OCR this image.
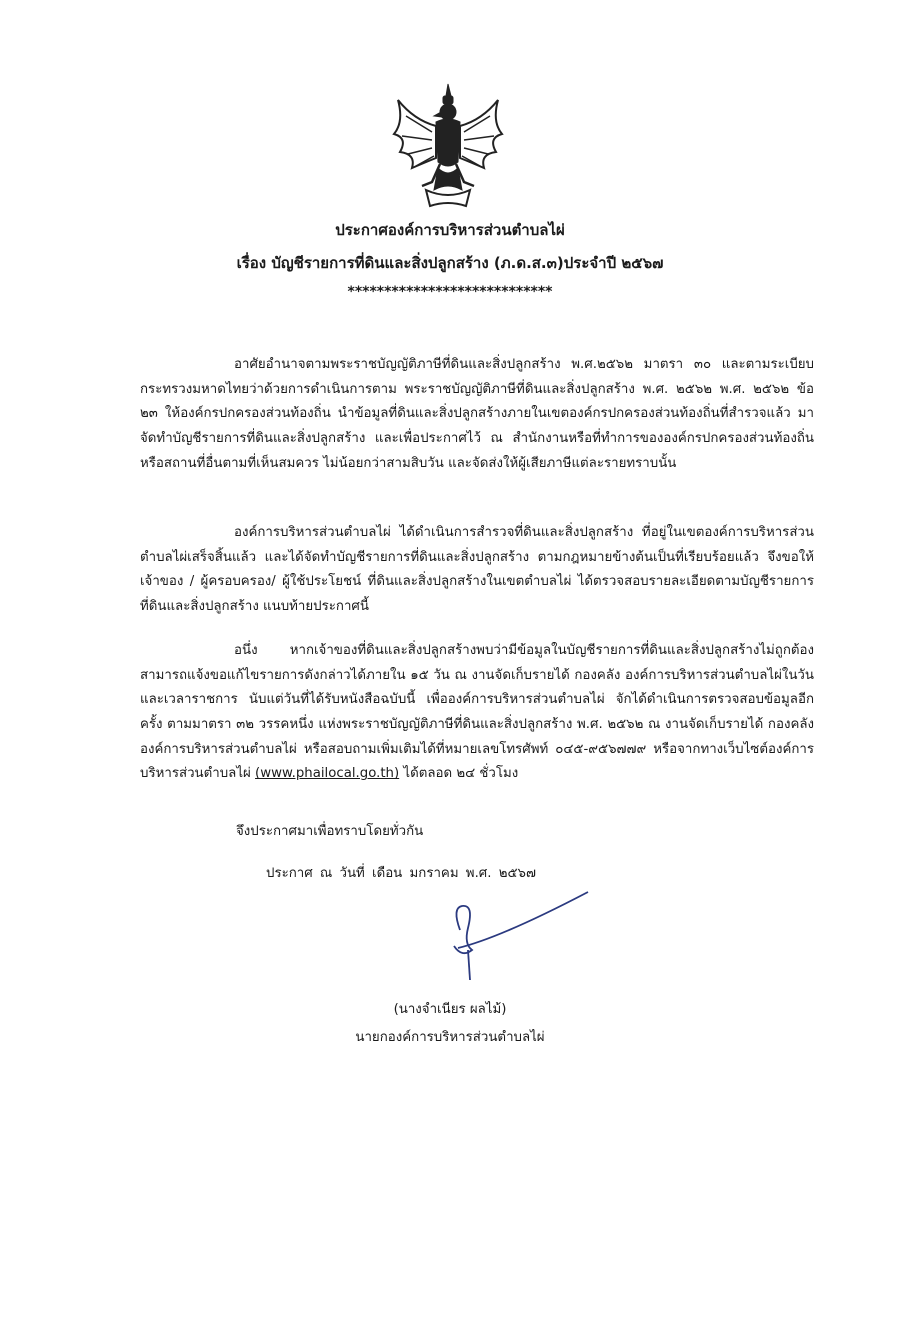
ประกาศองค์การบริหารส่วนตำบลไผ่
เรื่อง บัญชีรายการที่ดินและสิ่งปลูกสร้าง (ภ.ด.ส.๓)ประจำปี ๒๕๖๗
****************************

อาศัยอำนาจตามพระราชบัญญัติภาษีที่ดินและสิ่งปลูกสร้าง พ.ศ.๒๕๖๒ มาตรา ๓๐ และตามระเบียบกระทรวงมหาดไทยว่าด้วยการดำเนินการตาม พระราชบัญญัติภาษีที่ดินและสิ่งปลูกสร้าง พ.ศ. ๒๕๖๒ พ.ศ. ๒๕๖๒ ข้อ ๒๓ ให้องค์กรปกครองส่วนท้องถิ่น นำข้อมูลที่ดินและสิ่งปลูกสร้างภายในเขตองค์กรปกครองส่วนท้องถิ่นที่สำรวจแล้ว มาจัดทำบัญชีรายการที่ดินและสิ่งปลูกสร้าง และเพื่อประกาศไว้ ณ สำนักงานหรือที่ทำการขององค์กรปกครองส่วนท้องถิ่น หรือสถานที่อื่นตามที่เห็นสมควร ไม่น้อยกว่าสามสิบวัน และจัดส่งให้ผู้เสียภาษีแต่ละรายทราบนั้น

องค์การบริหารส่วนตำบลไผ่ ได้ดำเนินการสำรวจที่ดินและสิ่งปลูกสร้าง ที่อยู่ในเขตองค์การบริหารส่วนตำบลไผ่เสร็จสิ้นแล้ว และได้จัดทำบัญชีรายการที่ดินและสิ่งปลูกสร้าง ตามกฎหมายข้างต้นเป็นที่เรียบร้อยแล้ว จึงขอให้ เจ้าของ / ผู้ครอบครอง/ ผู้ใช้ประโยชน์ ที่ดินและสิ่งปลูกสร้างในเขตตำบลไผ่ ได้ตรวจสอบรายละเอียดตามบัญชีรายการที่ดินและสิ่งปลูกสร้าง แนบท้ายประกาศนี้

อนึ่ง หากเจ้าของที่ดินและสิ่งปลูกสร้างพบว่ามีข้อมูลในบัญชีรายการที่ดินและสิ่งปลูกสร้างไม่ถูกต้อง สามารถแจ้งขอแก้ไขรายการดังกล่าวได้ภายใน ๑๕ วัน ณ งานจัดเก็บรายได้ กองคลัง องค์การบริหารส่วนตำบลไผ่ในวันและเวลาราชการ นับแต่วันที่ได้รับหนังสือฉบับนี้ เพื่อองค์การบริหารส่วนตำบลไผ่ จักได้ดำเนินการตรวจสอบข้อมูลอีกครั้ง ตามมาตรา ๓๒ วรรคหนึ่ง แห่งพระราชบัญญัติภาษีที่ดินและสิ่งปลูกสร้าง พ.ศ. ๒๕๖๒ ณ งานจัดเก็บรายได้ กองคลัง องค์การบริหารส่วนตำบลไผ่ หรือสอบถามเพิ่มเติมได้ที่หมายเลขโทรศัพท์ ๐๔๕-๙๕๖๗๗๙ หรือจากทางเว็บไซต์องค์การบริหารส่วนตำบลไผ่ (www.phailocal.go.th) ได้ตลอด ๒๔ ชั่วโมง

จึงประกาศมาเพื่อทราบโดยทั่วกัน
ประกาศ ณ วันที่ เดือน มกราคม พ.ศ. ๒๕๖๗
(นางจำเนียร ผลไม้)
นายกองค์การบริหารส่วนตำบลไผ่
